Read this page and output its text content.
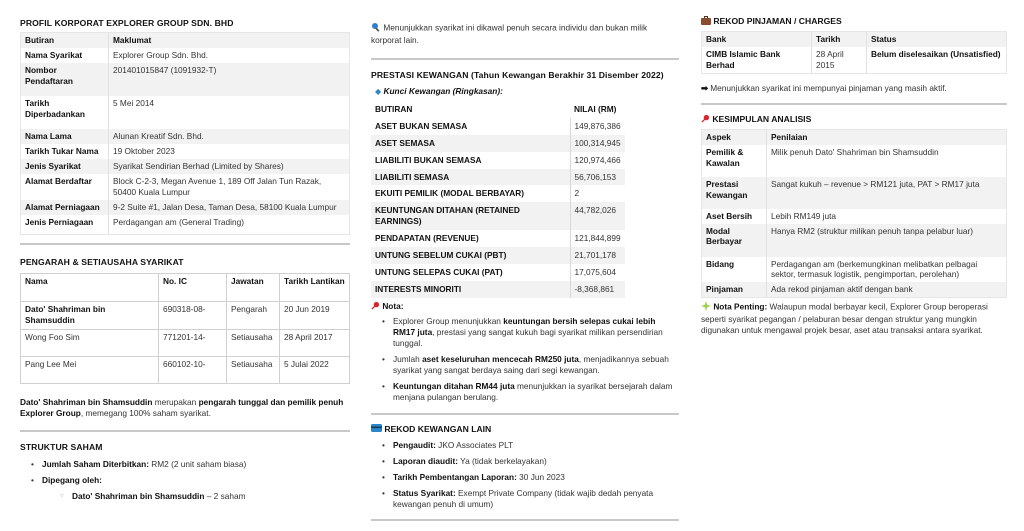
PROFIL KORPORAT EXPLORER GROUP SDN. BHD
Butiran	Maklumat
Nama Syarikat	Explorer Group Sdn. Bhd.
Nombor Pendaftaran	201401015847 (1091932-T)
Tarikh Diperbadankan	5 Mei 2014
Nama Lama	Alunan Kreatif Sdn. Bhd.
Tarikh Tukar Nama	19 Oktober 2023
Jenis Syarikat	Syarikat Sendirian Berhad (Limited by Shares)
Alamat Berdaftar	Block C-2-3, Megan Avenue 1, 189 Off Jalan Tun Razak, 50400 Kuala Lumpur
Alamat Perniagaan	9-2 Suite #1, Jalan Desa, Taman Desa, 58100 Kuala Lumpur
Jenis Perniagaan	Perdagangan am (General Trading)
PENGARAH & SETIAUSAHA SYARIKAT
Nama	No. IC	Jawatan	Tarikh Lantikan
Dato' Shahriman bin Shamsuddin	690318-08-	Pengarah	20 Jun 2019
Wong Foo Sim	771201-14-	Setiausaha	28 April 2017
Pang Lee Mei	660102-10-	Setiausaha	5 Julai 2022

Dato' Shahriman bin Shamsuddin merupakan pengarah tunggal dan pemilik penuh Explorer Group, memegang 100% saham syarikat.

STRUKTUR SAHAM
• Jumlah Saham Diterbitkan: RM2 (2 unit saham biasa)
• Dipegang oleh:
○ Dato' Shahriman bin Shamsuddin – 2 saham

Menunjukkan syarikat ini dikawal penuh secara individu dan bukan milik korporat lain.

PRESTASI KEWANGAN (Tahun Kewangan Berakhir 31 Disember 2022)

◆ Kunci Kewangan (Ringkasan):

BUTIRAN	NILAI (RM)
ASET BUKAN SEMASA	149,876,386
ASET SEMASA	100,314,945
LIABILITI BUKAN SEMASA	120,974,466
LIABILITI SEMASA	56,706,153
EKUITI PEMILIK (MODAL BERBAYAR)	2
KEUNTUNGAN DITAHAN (RETAINED EARNINGS)	44,782,026
PENDAPATAN (REVENUE)	121,844,899
UNTUNG SEBELUM CUKAI (PBT)	21,701,178
UNTUNG SELEPAS CUKAI (PAT)	17,075,604
INTERESTS MINORITI	-8,368,861

Nota:

• Explorer Group menunjukkan keuntungan bersih selepas cukai lebih RM17 juta, prestasi yang sangat kukuh bagi syarikat milikan persendirian tunggal.
• Jumlah aset keseluruhan mencecah RM250 juta, menjadikannya sebuah syarikat yang sangat berdaya saing dari segi kewangan.
• Keuntungan ditahan RM44 juta menunjukkan ia syarikat bersejarah dalam menjana pulangan berulang.

REKOD KEWANGAN LAIN

• Pengaudit: JKO Associates PLT
• Laporan diaudit: Ya (tidak berkelayakan)
• Tarikh Pembentangan Laporan: 30 Jun 2023
• Status Syarikat: Exempt Private Company (tidak wajib dedah penyata kewangan penuh di umum)

REKOD PINJAMAN / CHARGES

Bank	Tarikh	Status
CIMB Islamic Bank Berhad	28 April 2015	Belum diselesaikan (Unsatisfied)

➡ Menunjukkan syarikat ini mempunyai pinjaman yang masih aktif.

KESIMPULAN ANALISIS

Aspek	Penilaian
Pemilik & Kawalan	Milik penuh Dato' Shahriman bin Shamsuddin
Prestasi Kewangan	Sangat kukuh – revenue > RM121 juta, PAT > RM17 juta
Aset Bersih	Lebih RM149 juta
Modal Berbayar	Hanya RM2 (struktur milikan penuh tanpa pelabur luar)
Bidang	Perdagangan am (berkemungkinan melibatkan pelbagai sektor, termasuk logistik, pengimportan, perolehan)
Pinjaman	Ada rekod pinjaman aktif dengan bank

Nota Penting: Walaupun modal berbayar kecil, Explorer Group beroperasi seperti syarikat pegangan / pelaburan besar dengan struktur yang mungkin digunakan untuk mengawal projek besar, aset atau transaksi antara syarikat.
